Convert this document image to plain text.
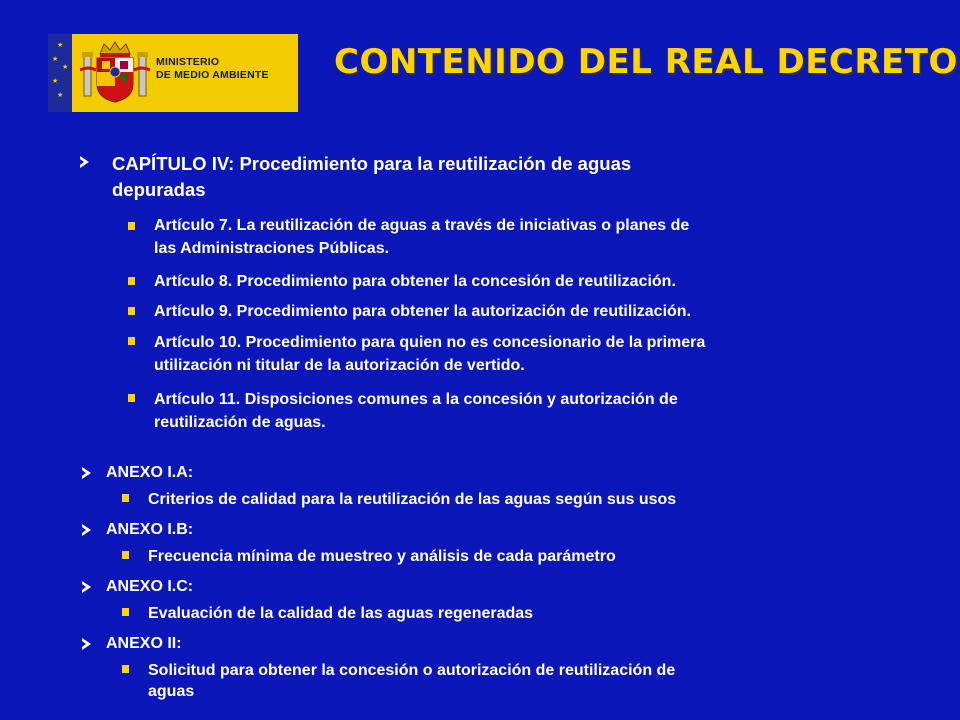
★
★
★
★
★
MINISTERIO
DE MEDIO AMBIENTE CONTENIDO DEL REAL DECRETO
CAPÍTULO IV: Procedimiento para la reutilización de aguas
depuradas
Artículo 7. La reutilización de aguas a través de iniciativas o planes de
las Administraciones Públicas.
Artículo 8. Procedimiento para obtener la concesión de reutilización.
Artículo 9. Procedimiento para obtener la autorización de reutilización.
Artículo 10. Procedimiento para quien no es concesionario de la primera
utilización ni titular de la autorización de vertido.
Artículo 11. Disposiciones comunes a la concesión y autorización de
reutilización de aguas.
ANEXO I.A:
Criterios de calidad para la reutilización de las aguas según sus usos
ANEXO I.B:
Frecuencia mínima de muestreo y análisis de cada parámetro
ANEXO I.C:
Evaluación de la calidad de las aguas regeneradas
ANEXO II:
Solicitud para obtener la concesión o autorización de reutilización de
aguas
